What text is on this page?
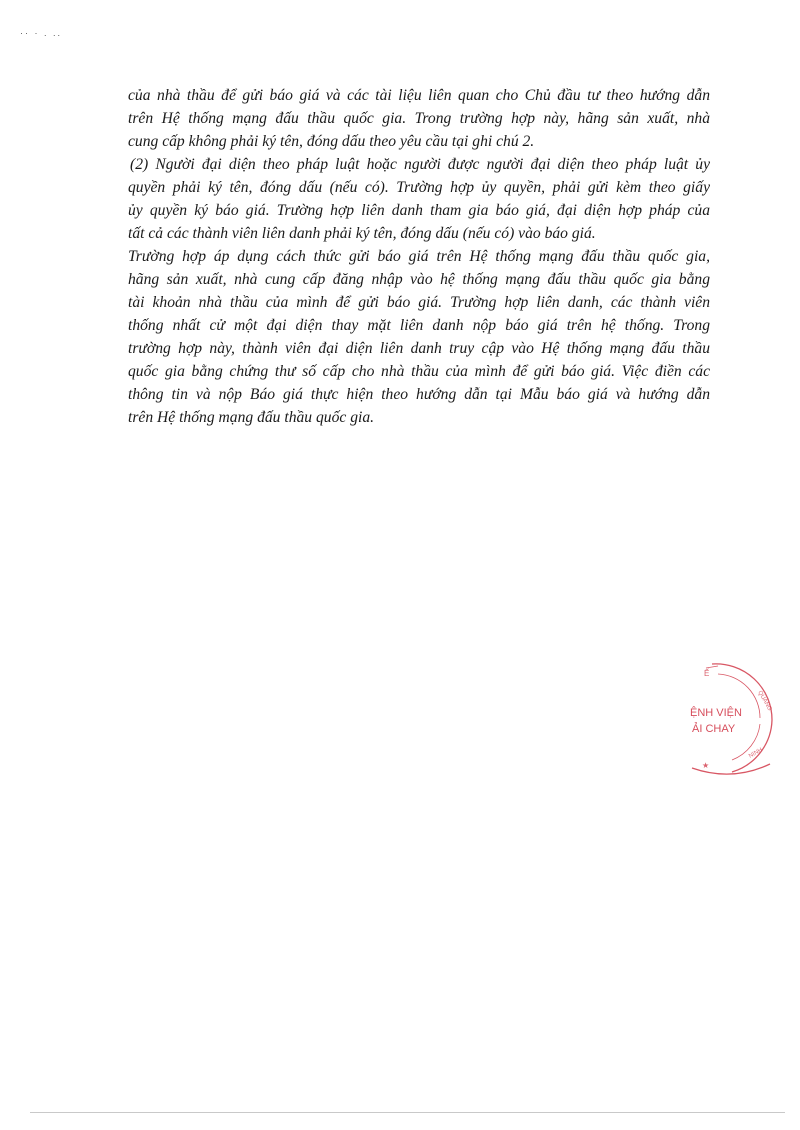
·· · . ..

của nhà thầu để gửi báo giá và các tài liệu liên quan cho Chủ đầu tư theo hướng dẫn
trên Hệ thống mạng đấu thầu quốc gia. Trong trường hợp này, hãng sản xuất, nhà
cung cấp không phải ký tên, đóng dấu theo yêu cầu tại ghi chú 2.

(2) Người đại diện theo pháp luật hoặc người được người đại diện theo pháp luật ủy
quyền phải ký tên, đóng dấu (nếu có). Trường hợp ủy quyền, phải gửi kèm theo giấy
ủy quyền ký báo giá. Trường hợp liên danh tham gia báo giá, đại diện hợp pháp của
tất cả các thành viên liên danh phải ký tên, đóng dấu (nếu có) vào báo giá.

Trường hợp áp dụng cách thức gửi báo giá trên Hệ thống mạng đấu thầu quốc gia,
hãng sản xuất, nhà cung cấp đăng nhập vào hệ thống mạng đấu thầu quốc gia bằng
tài khoản nhà thầu của mình để gửi báo giá. Trường hợp liên danh, các thành viên
thống nhất cử một đại diện thay mặt liên danh nộp báo giá trên hệ thống. Trong
trường hợp này, thành viên đại diện liên danh truy cập vào Hệ thống mạng đấu thầu
quốc gia bằng chứng thư số cấp cho nhà thầu của mình để gửi báo giá. Việc điền các
thông tin và nộp Báo giá thực hiện theo hướng dẫn tại Mẫu báo giá và hướng dẫn
trên Hệ thống mạng đấu thầu quốc gia.

Ế
QUẢNG
NINH
ỆNH VIỆN
ẢI CHAY
★
